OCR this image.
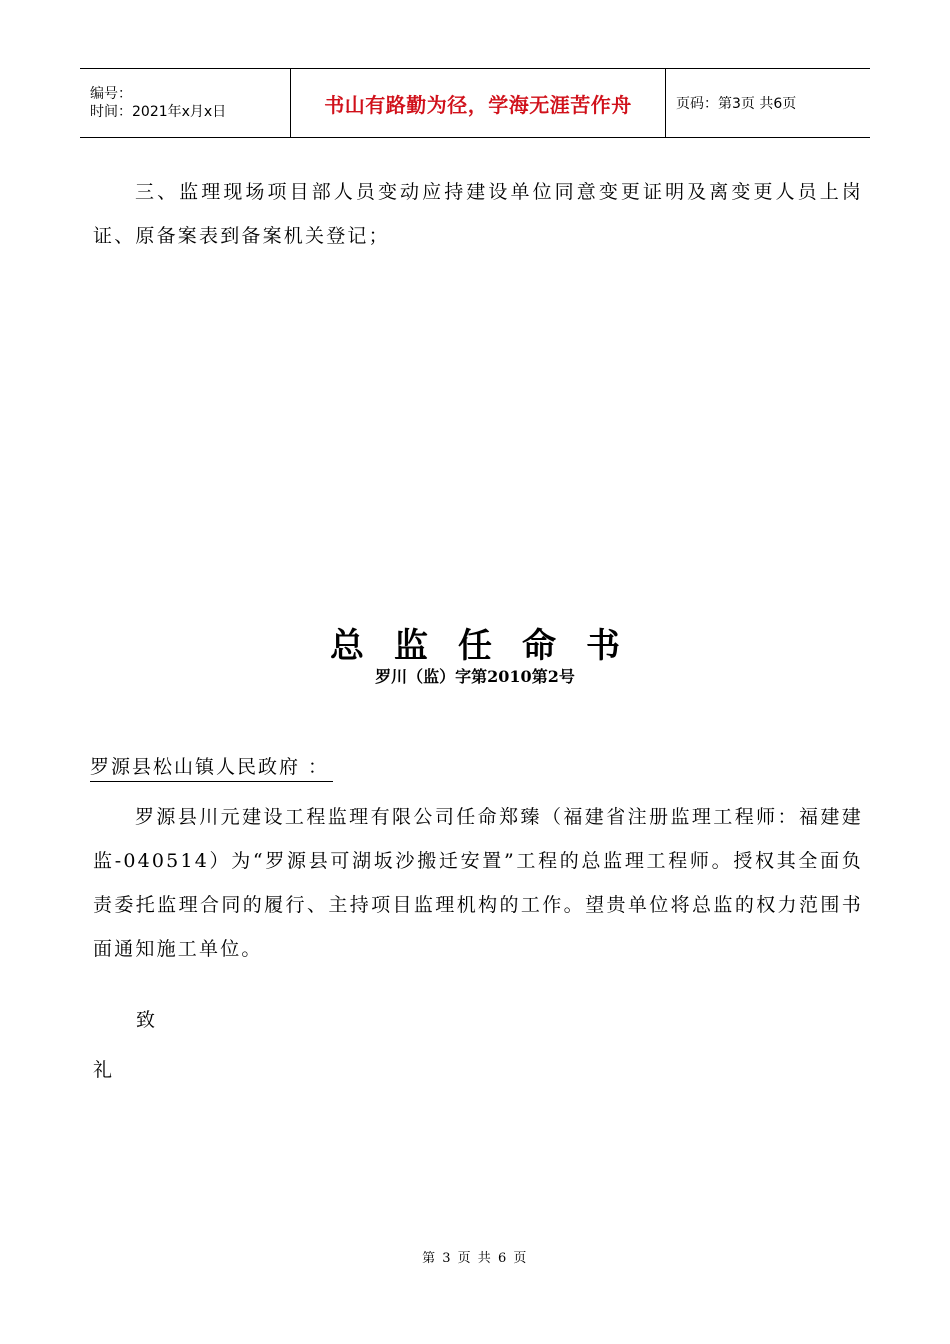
编号：
时间：2021年x月x日	书山有路勤为径，学海无涯苦作舟	页码：第3页 共6页
三、监理现场项目部人员变动应持建设单位同意变更证明及离变更人员上岗证、原备案表到备案机关登记；
总监任命书
罗川（监）字第2010第2号
罗源县松山镇人民政府 ：
罗源县川元建设工程监理有限公司任命郑臻（福建省注册监理工程师：福建建监-040514）为“罗源县可湖坂沙搬迁安置”工程的总监理工程师。授权其全面负责委托监理合同的履行、主持项目监理机构的工作。望贵单位将总监的权力范围书面通知施工单位。
致
礼
第 3 页 共 6 页
